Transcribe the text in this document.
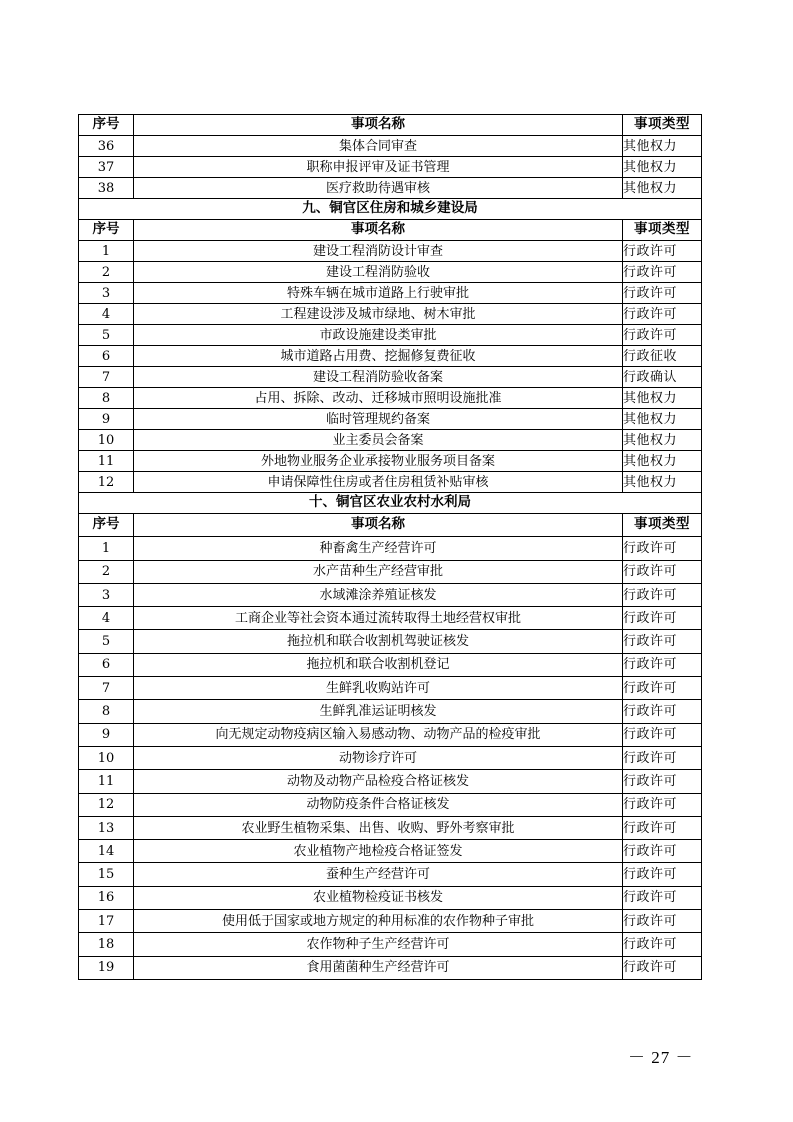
序号	事项名称	事项类型
36	集体合同审查	其他权力
37	职称申报评审及证书管理	其他权力
38	医疗救助待遇审核	其他权力
九、铜官区住房和城乡建设局		
序号	事项名称	事项类型
1	建设工程消防设计审查	行政许可
2	建设工程消防验收	行政许可
3	特殊车辆在城市道路上行驶审批	行政许可
4	工程建设涉及城市绿地、树木审批	行政许可
5	市政设施建设类审批	行政许可
6	城市道路占用费、挖掘修复费征收	行政征收
7	建设工程消防验收备案	行政确认
8	占用、拆除、改动、迁移城市照明设施批准	其他权力
9	临时管理规约备案	其他权力
10	业主委员会备案	其他权力
11	外地物业服务企业承接物业服务项目备案	其他权力
12	申请保障性住房或者住房租赁补贴审核	其他权力
十、铜官区农业农村水利局		
序号	事项名称	事项类型
1	种畜禽生产经营许可	行政许可
2	水产苗种生产经营审批	行政许可
3	水域滩涂养殖证核发	行政许可
4	工商企业等社会资本通过流转取得土地经营权审批	行政许可
5	拖拉机和联合收割机驾驶证核发	行政许可
6	拖拉机和联合收割机登记	行政许可
7	生鲜乳收购站许可	行政许可
8	生鲜乳准运证明核发	行政许可
9	向无规定动物疫病区输入易感动物、动物产品的检疫审批	行政许可
10	动物诊疗许可	行政许可
11	动物及动物产品检疫合格证核发	行政许可
12	动物防疫条件合格证核发	行政许可
13	农业野生植物采集、出售、收购、野外考察审批	行政许可
14	农业植物产地检疫合格证签发	行政许可
15	蚕种生产经营许可	行政许可
16	农业植物检疫证书核发	行政许可
17	使用低于国家或地方规定的种用标准的农作物种子审批	行政许可
18	农作物种子生产经营许可	行政许可
19	食用菌菌种生产经营许可	行政许可
－ 27 －
